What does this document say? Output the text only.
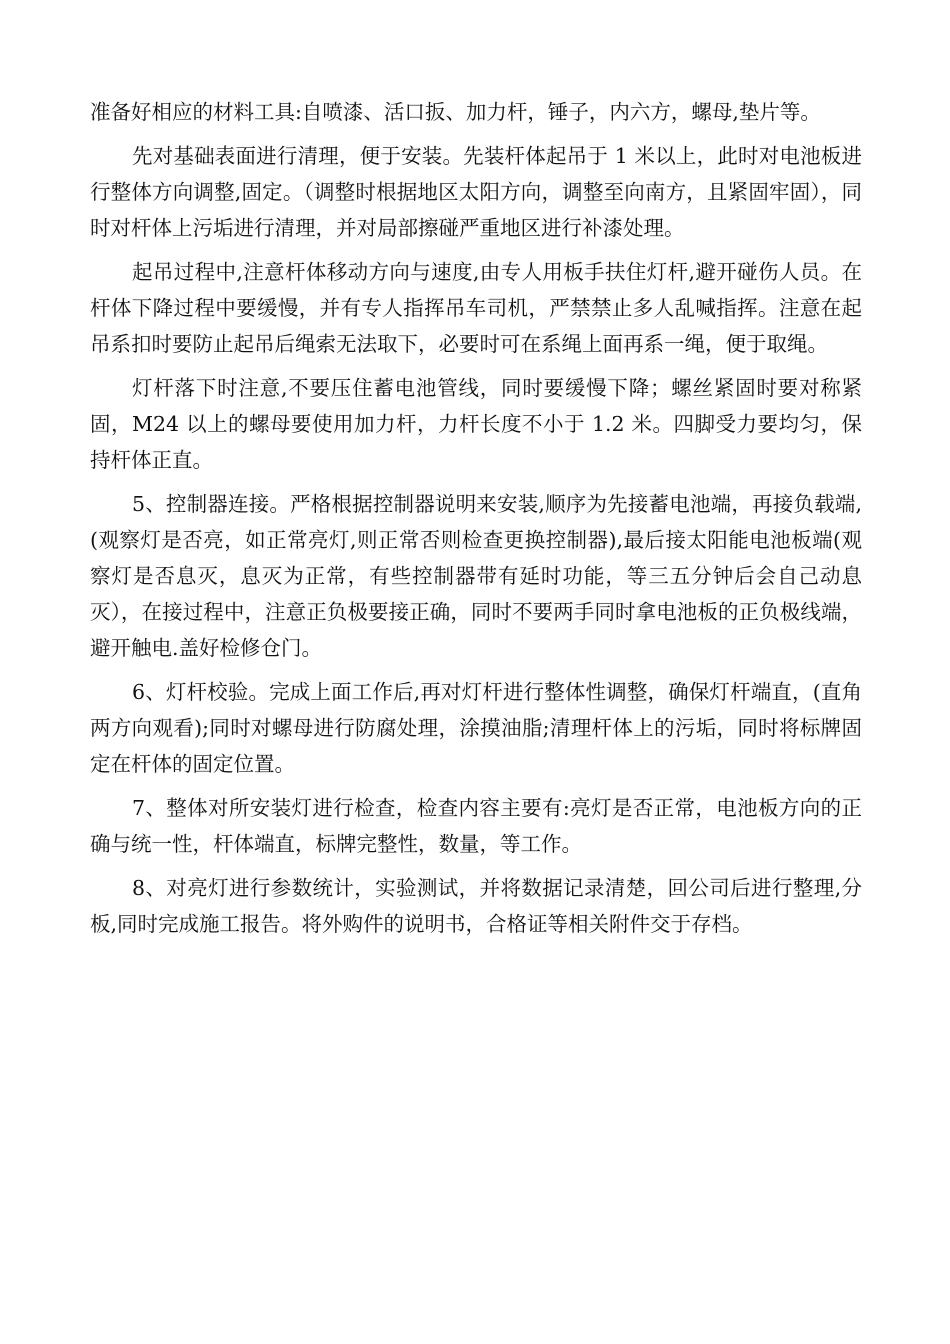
准备好相应的材料工具:自喷漆、活口扳、加力杆，锤子，内六方，螺母,垫片等。

先对基础表面进行清理，便于安装。先装杆体起吊于 1 米以上，此时对电池板进行整体方向调整,固定。（调整时根据地区太阳方向，调整至向南方，且紧固牢固），同时对杆体上污垢进行清理，并对局部擦碰严重地区进行补漆处理。

起吊过程中,注意杆体移动方向与速度,由专人用板手扶住灯杆,避开碰伤人员。在杆体下降过程中要缓慢，并有专人指挥吊车司机，严禁禁止多人乱喊指挥。注意在起吊系扣时要防止起吊后绳索无法取下，必要时可在系绳上面再系一绳，便于取绳。

灯杆落下时注意,不要压住蓄电池管线，同时要缓慢下降；螺丝紧固时要对称紧固，M24 以上的螺母要使用加力杆，力杆长度不小于 1.2 米。四脚受力要均匀，保持杆体正直。

5、控制器连接。严格根据控制器说明来安装,顺序为先接蓄电池端，再接负载端,(观察灯是否亮，如正常亮灯,则正常否则检查更换控制器),最后接太阳能电池板端(观察灯是否息灭，息灭为正常，有些控制器带有延时功能，等三五分钟后会自己动息灭），在接过程中，注意正负极要接正确，同时不要两手同时拿电池板的正负极线端，避开触电.盖好检修仓门。

6、灯杆校验。完成上面工作后,再对灯杆进行整体性调整，确保灯杆端直，(直角两方向观看);同时对螺母进行防腐处理，涂摸油脂;清理杆体上的污垢，同时将标牌固定在杆体的固定位置。

7、整体对所安装灯进行检查，检查内容主要有:亮灯是否正常，电池板方向的正确与统一性，杆体端直，标牌完整性，数量，等工作。

8、对亮灯进行参数统计，实验测试，并将数据记录清楚，回公司后进行整理,分板,同时完成施工报告。将外购件的说明书，合格证等相关附件交于存档。
